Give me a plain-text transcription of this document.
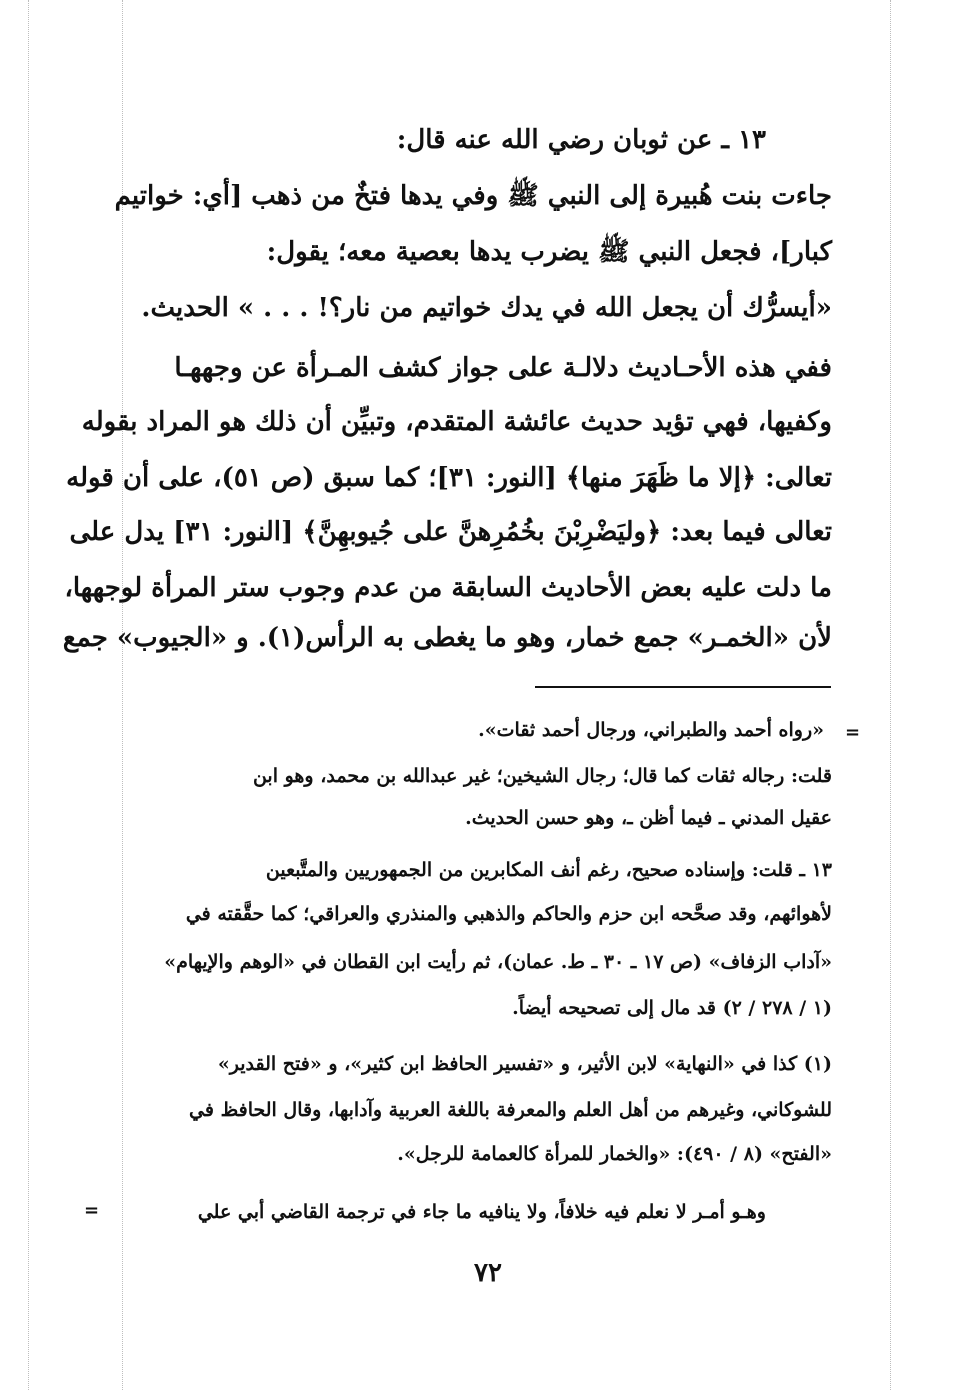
١٣ ـ عن ثوبان رضي الله عنه قال:
جاءت بنت هُبيرة إلى النبي ﷺ وفي يدها فتخٌ من ذهب [أي: خواتيم
كبار]، فجعل النبي ﷺ يضرب يدها بعصية معه؛ يقول:
«أيسرُّك أن يجعل الله في يدك خواتيم من نار؟! . . . » الحديث.
ففي هذه الأحـاديث دلالـة على جواز كشف المـرأة عن وجههـا
وكفيها، فهي تؤيد حديث عائشة المتقدم، وتبيِّن أن ذلك هو المراد بقوله
تعالى: ﴿إلا ما ظَهَرَ منها﴾ [النور: ٣١]؛ كما سبق (ص ٥١)، على أن قوله
تعالى فيما بعد: ﴿وليَضْرِبْنَ بخُمُرِهنَّ على جُيوبهِنَّ﴾ [النور: ٣١] يدل على
ما دلت عليه بعض الأحاديث السابقة من عدم وجوب ستر المرأة لوجهها،
لأن «الخمـر» جمع خمار، وهو ما يغطى به الرأس(١). و «الجيوب» جمع
=
«رواه أحمد والطبراني، ورجال أحمد ثقات».
قلت: رجاله ثقات كما قال؛ رجال الشيخين؛ غير عبدالله بن محمد، وهو ابن
عقيل المدني ـ فيما أظن ـ، وهو حسن الحديث.
١٣ ـ قلت: وإسناده صحيح، رغم أنف المكابرين من الجمهوريين والمتَّبعين
لأهوائهم، وقد صحَّحه ابن حزم والحاكم والذهبي والمنذري والعراقي؛ كما حقَّقته في
«آداب الزفاف» (ص ١٧ ـ ٣٠ ـ ط. عمان)، ثم رأيت ابن القطان في «الوهم والإيهام»
(١ / ٢٧٨ / ٢) قد مال إلى تصحيحه أيضاً.
(١) كذا في «النهاية» لابن الأثير، و «تفسير الحافظ ابن كثير»، و «فتح القدير»
للشوكاني، وغيرهم من أهل العلم والمعرفة باللغة العربية وآدابها، وقال الحافظ في
«الفتح» (٨ / ٤٩٠): «والخمار للمرأة كالعمامة للرجل».
وهـو أمـر لا نعلم فيه خلافاً، ولا ينافيه ما جاء في ترجمة القاضي أبي علي
=
٧٢
